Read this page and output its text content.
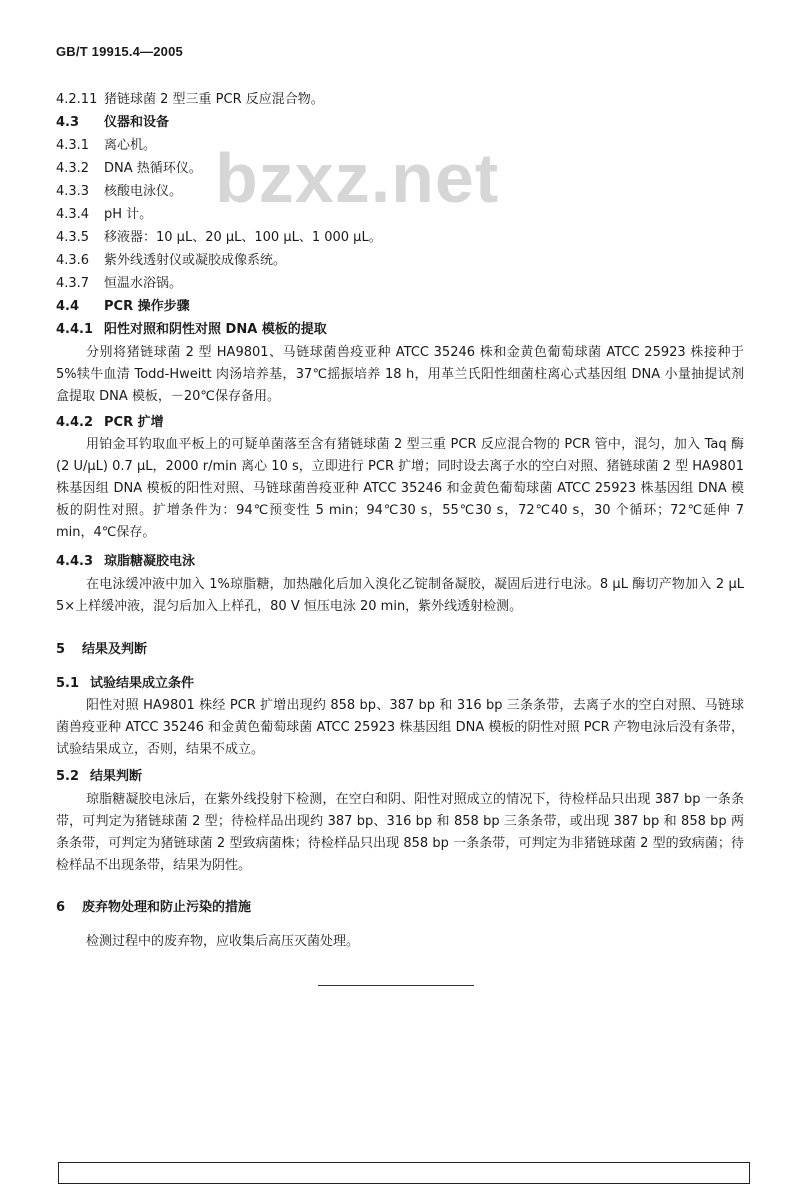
GB/T 19915.4—2005
bzxz.net
4.2.11 猪链球菌 2 型三重 PCR 反应混合物。
4.3 仪器和设备
4.3.1 离心机。
4.3.2 DNA 热循环仪。
4.3.3 核酸电泳仪。
4.3.4 pH 计。
4.3.5 移液器：10 μL、20 μL、100 μL、1 000 μL。
4.3.6 紫外线透射仪或凝胶成像系统。
4.3.7 恒温水浴锅。
4.4 PCR 操作步骤
4.4.1 阳性对照和阴性对照 DNA 模板的提取
分别将猪链球菌 2 型 HA9801、马链球菌兽疫亚种 ATCC 35246 株和金黄色葡萄球菌 ATCC 25923 株接种于 5%犊牛血清 Todd-Hweitt 肉汤培养基，37℃摇振培养 18 h，用革兰氏阳性细菌柱离心式基因组 DNA 小量抽提试剂盒提取 DNA 模板，－20℃保存备用。
4.4.2 PCR 扩增
用铂金耳钓取血平板上的可疑单菌落至含有猪链球菌 2 型三重 PCR 反应混合物的 PCR 管中，混匀，加入 Taq 酶(2 U/μL) 0.7 μL，2000 r/min 离心 10 s，立即进行 PCR 扩增；同时设去离子水的空白对照、猪链球菌 2 型 HA9801 株基因组 DNA 模板的阳性对照、马链球菌兽疫亚种 ATCC 35246 和金黄色葡萄球菌 ATCC 25923 株基因组 DNA 模板的阴性对照。扩增条件为：94℃预变性 5 min；94℃30 s，55℃30 s，72℃40 s，30 个循环；72℃延伸 7 min，4℃保存。
4.4.3 琼脂糖凝胶电泳
在电泳缓冲液中加入 1%琼脂糖，加热融化后加入溴化乙锭制备凝胶，凝固后进行电泳。8 μL 酶切产物加入 2 μL 5×上样缓冲液，混匀后加入上样孔，80 V 恒压电泳 20 min，紫外线透射检测。
5 结果及判断
5.1 试验结果成立条件
阳性对照 HA9801 株经 PCR 扩增出现约 858 bp、387 bp 和 316 bp 三条条带，去离子水的空白对照、马链球菌兽疫亚种 ATCC 35246 和金黄色葡萄球菌 ATCC 25923 株基因组 DNA 模板的阴性对照 PCR 产物电泳后没有条带，试验结果成立，否则，结果不成立。
5.2 结果判断
琼脂糖凝胶电泳后，在紫外线投射下检测，在空白和阴、阳性对照成立的情况下，待检样品只出现 387 bp 一条条带，可判定为猪链球菌 2 型；待检样品出现约 387 bp、316 bp 和 858 bp 三条条带，或出现 387 bp 和 858 bp 两条条带，可判定为猪链球菌 2 型致病菌株；待检样品只出现 858 bp 一条条带，可判定为非猪链球菌 2 型的致病菌；待检样品不出现条带，结果为阴性。
6 废弃物处理和防止污染的措施
检测过程中的废弃物，应收集后高压灭菌处理。
